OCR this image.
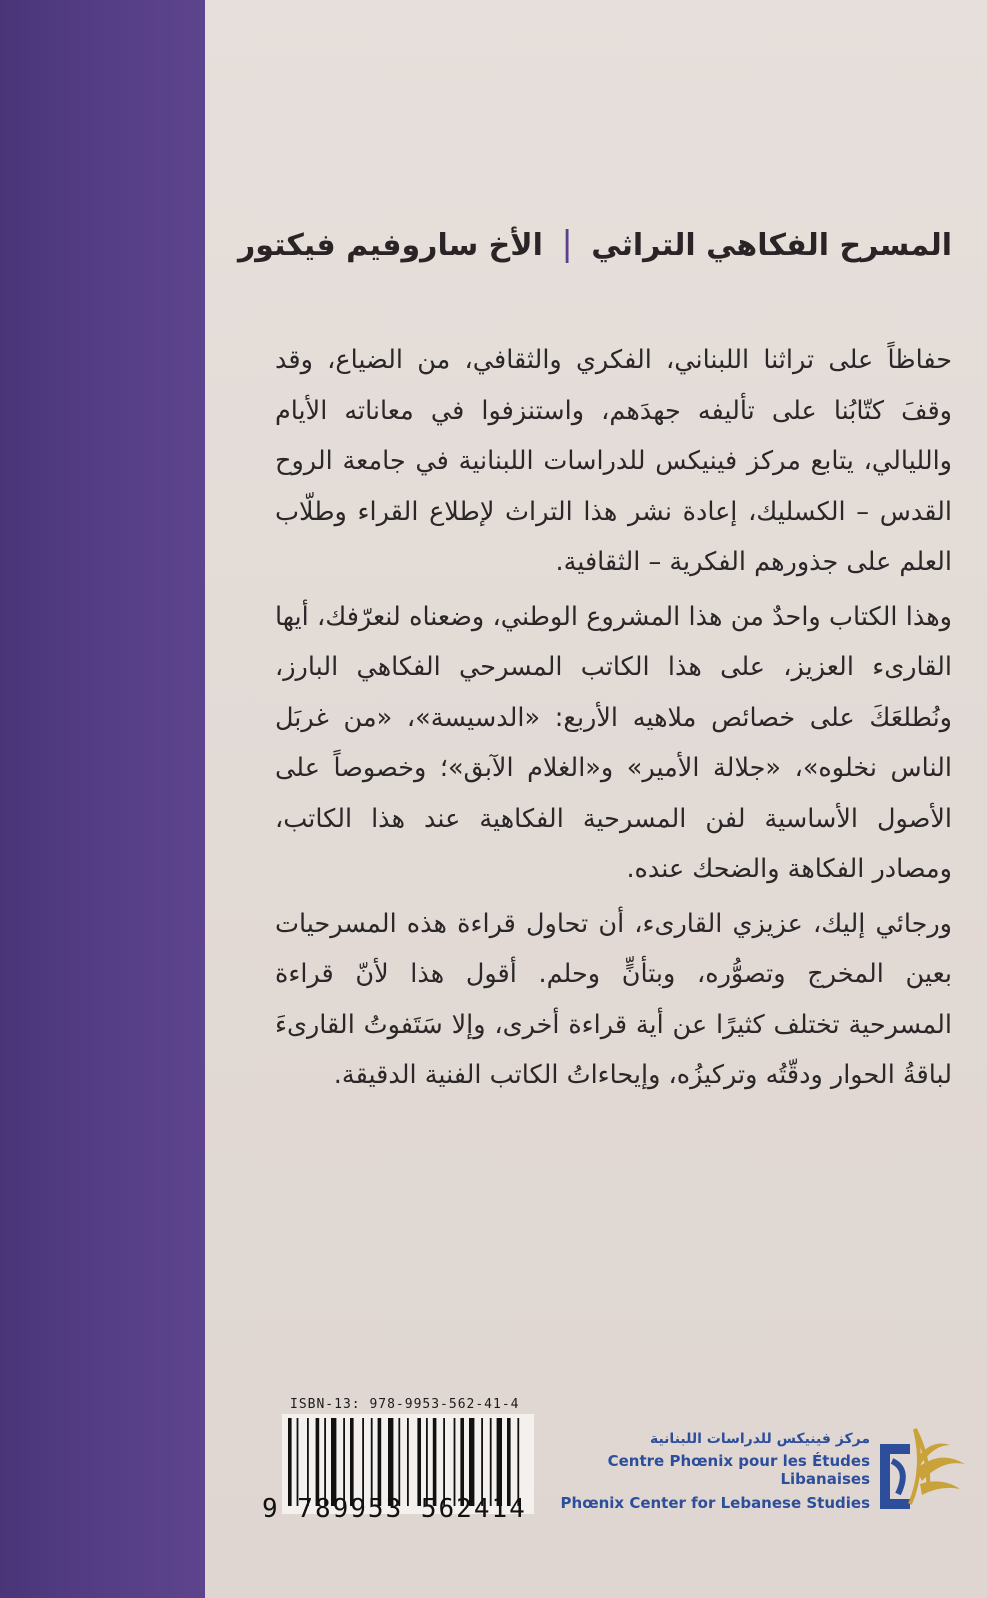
المسرح الفكاهي التراثي | الأخ ساروفيم فيكتور

حفاظاً على تراثنا اللبناني، الفكري والثقافي، من الضياع، وقد وقفَ كتّابُنا على تأليفه جهدَهم، واستنزفوا في معاناته الأيام والليالي، يتابع مركز فينيكس للدراسات اللبنانية في جامعة الروح القدس – الكسليك، إعادة نشر هذا التراث لإطلاع القراء وطلّاب العلم على جذورهم الفكرية – الثقافية.

وهذا الكتاب واحدٌ من هذا المشروع الوطني، وضعناه لنعرّفك، أيها القارىء العزيز، على هذا الكاتب المسرحي الفكاهي البارز، ونُطلعَكَ على خصائص ملاهيه الأربع: «الدسيسة»، «من غربَل الناس نخلوه»، «جلالة الأمير» و«الغلام الآبق»؛ وخصوصاً على الأصول الأساسية لفن المسرحية الفكاهية عند هذا الكاتب، ومصادر الفكاهة والضحك عنده.

ورجائي إليك، عزيزي القارىء، أن تحاول قراءة هذه المسرحيات بعين المخرج وتصوُّره، وبتأنٍّ وحلم. أقول هذا لأنّ قراءة المسرحية تختلف كثيرًا عن أية قراءة أخرى، وإلا سَتَفوتُ القارىءَ لباقةُ الحوار ودقّتُه وتركيزُه، وإيحاءاتُ الكاتب الفنية الدقيقة.

ISBN-13: 978-9953-562-41-4
9 789953 562414
مركز فينيكس للدراسات اللبنانية
Centre Phœnix pour les Études Libanaises
Phœnix Center for Lebanese Studies
